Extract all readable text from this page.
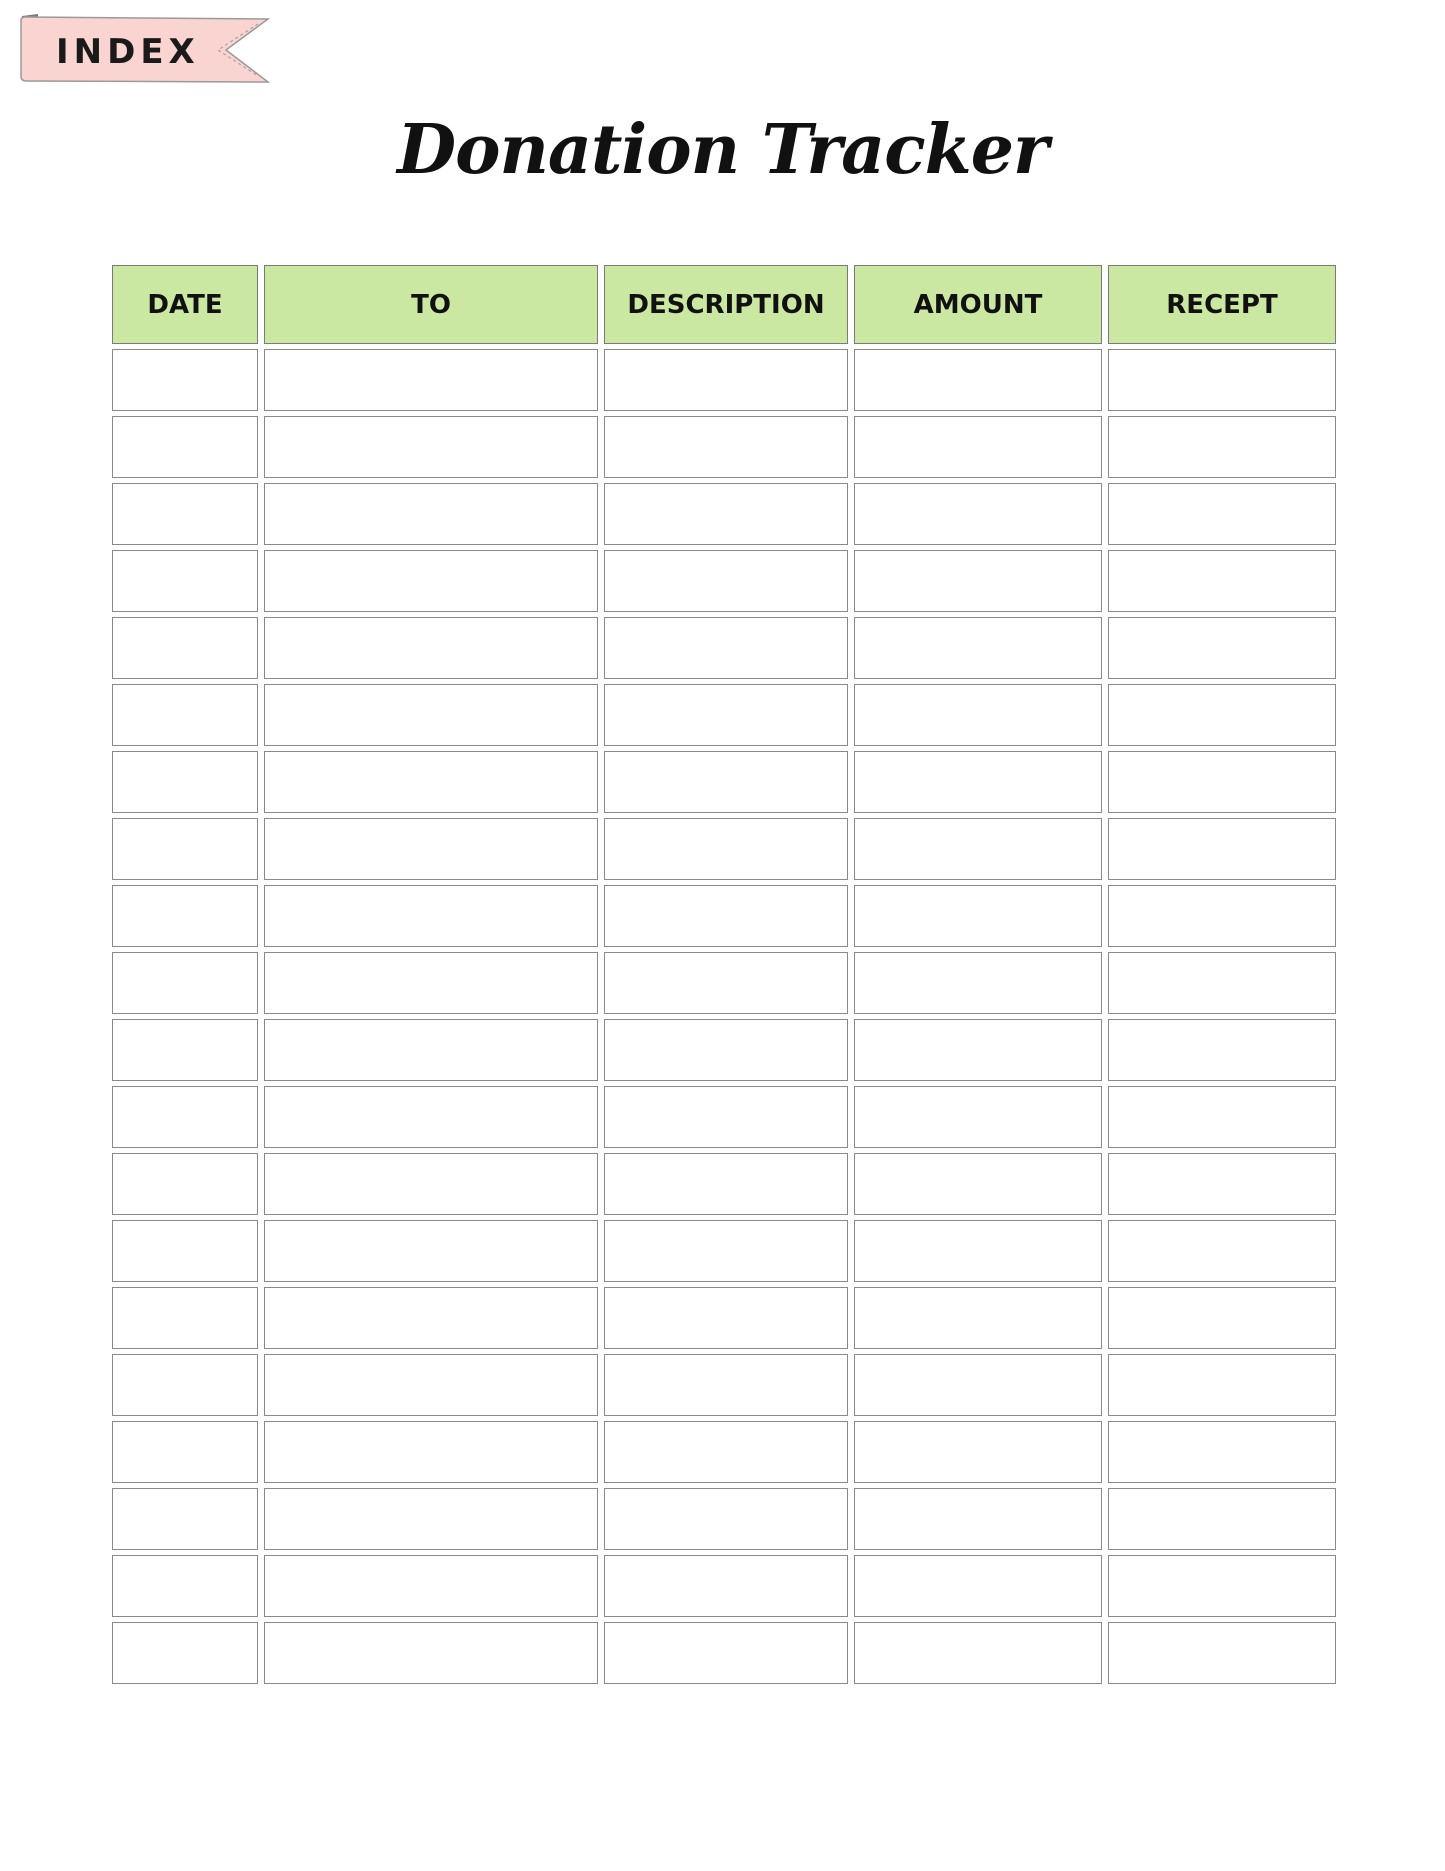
INDEX
Donation Tracker
DATE	TO	DESCRIPTION	AMOUNT	RECEPT
